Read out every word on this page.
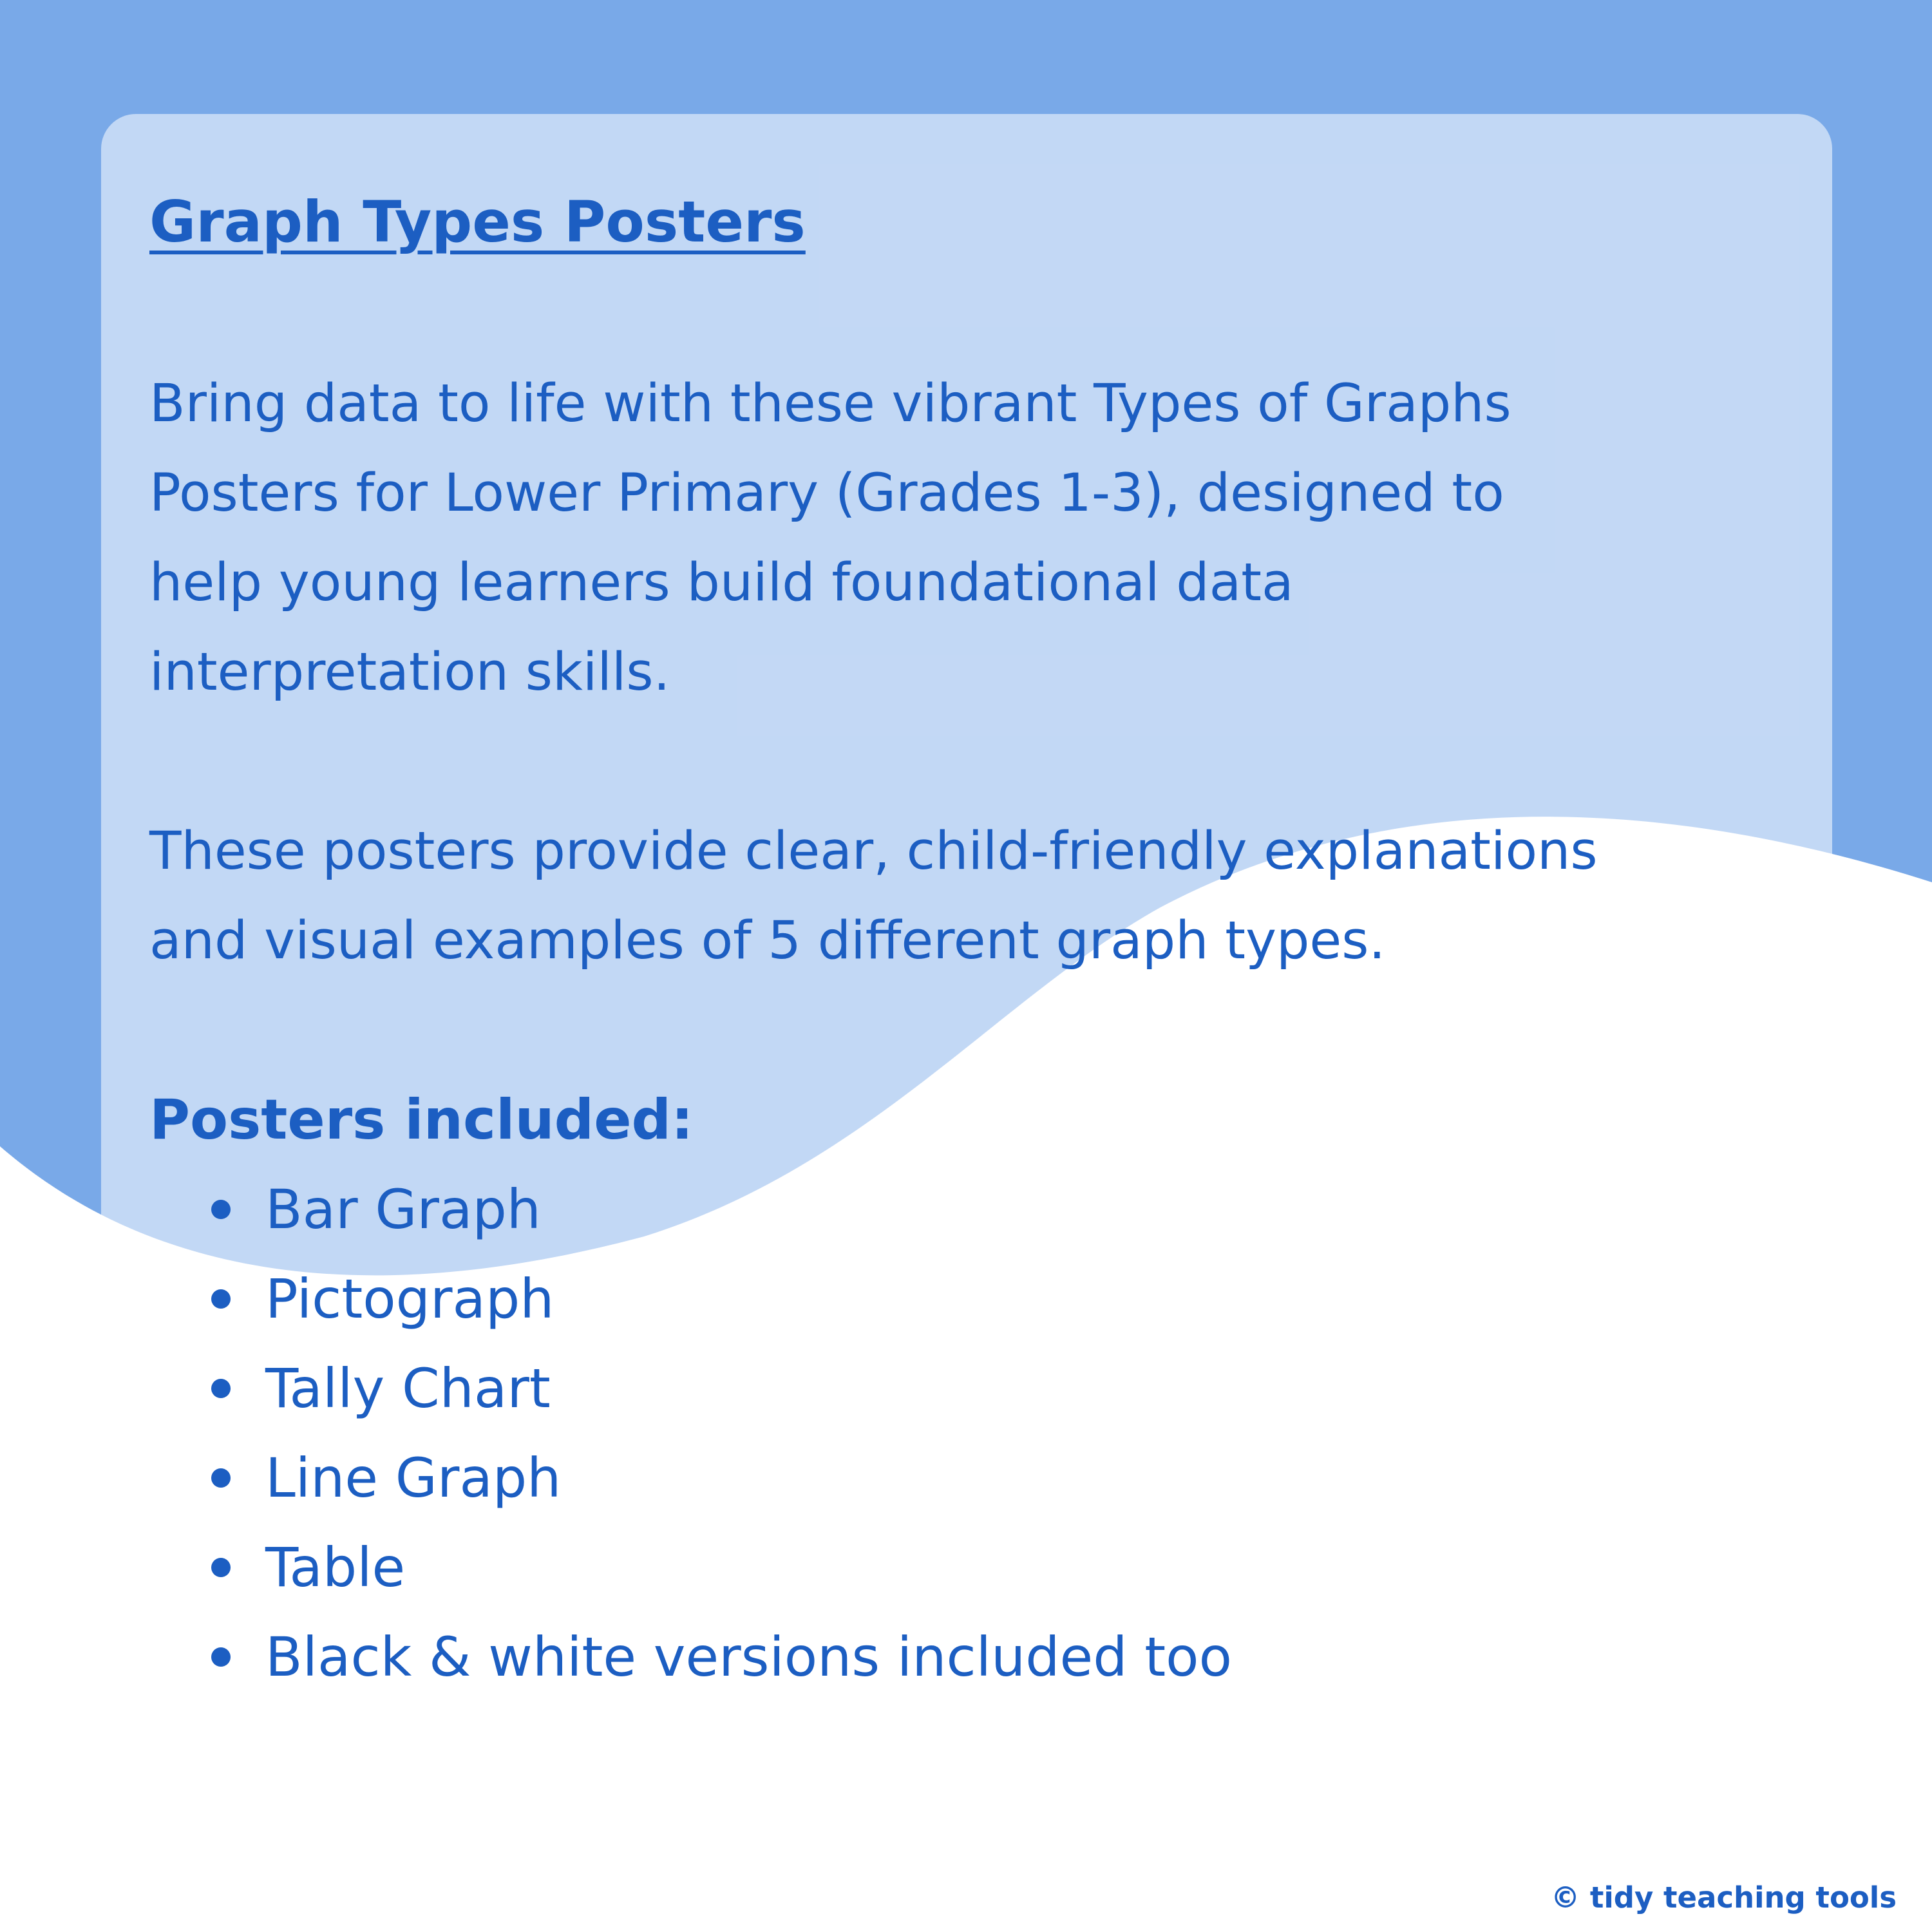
Graph Types Posters

Bring data to life with these vibrant Types of Graphs
Posters for Lower Primary (Grades 1-3), designed to
help young learners build foundational data
interpretation skills.

These posters provide clear, child-friendly explanations
and visual examples of 5 different graph types.

Posters included:
Bar Graph
Pictograph
Tally Chart
Line Graph
Table
Black & white versions included too
© tidy teaching tools
